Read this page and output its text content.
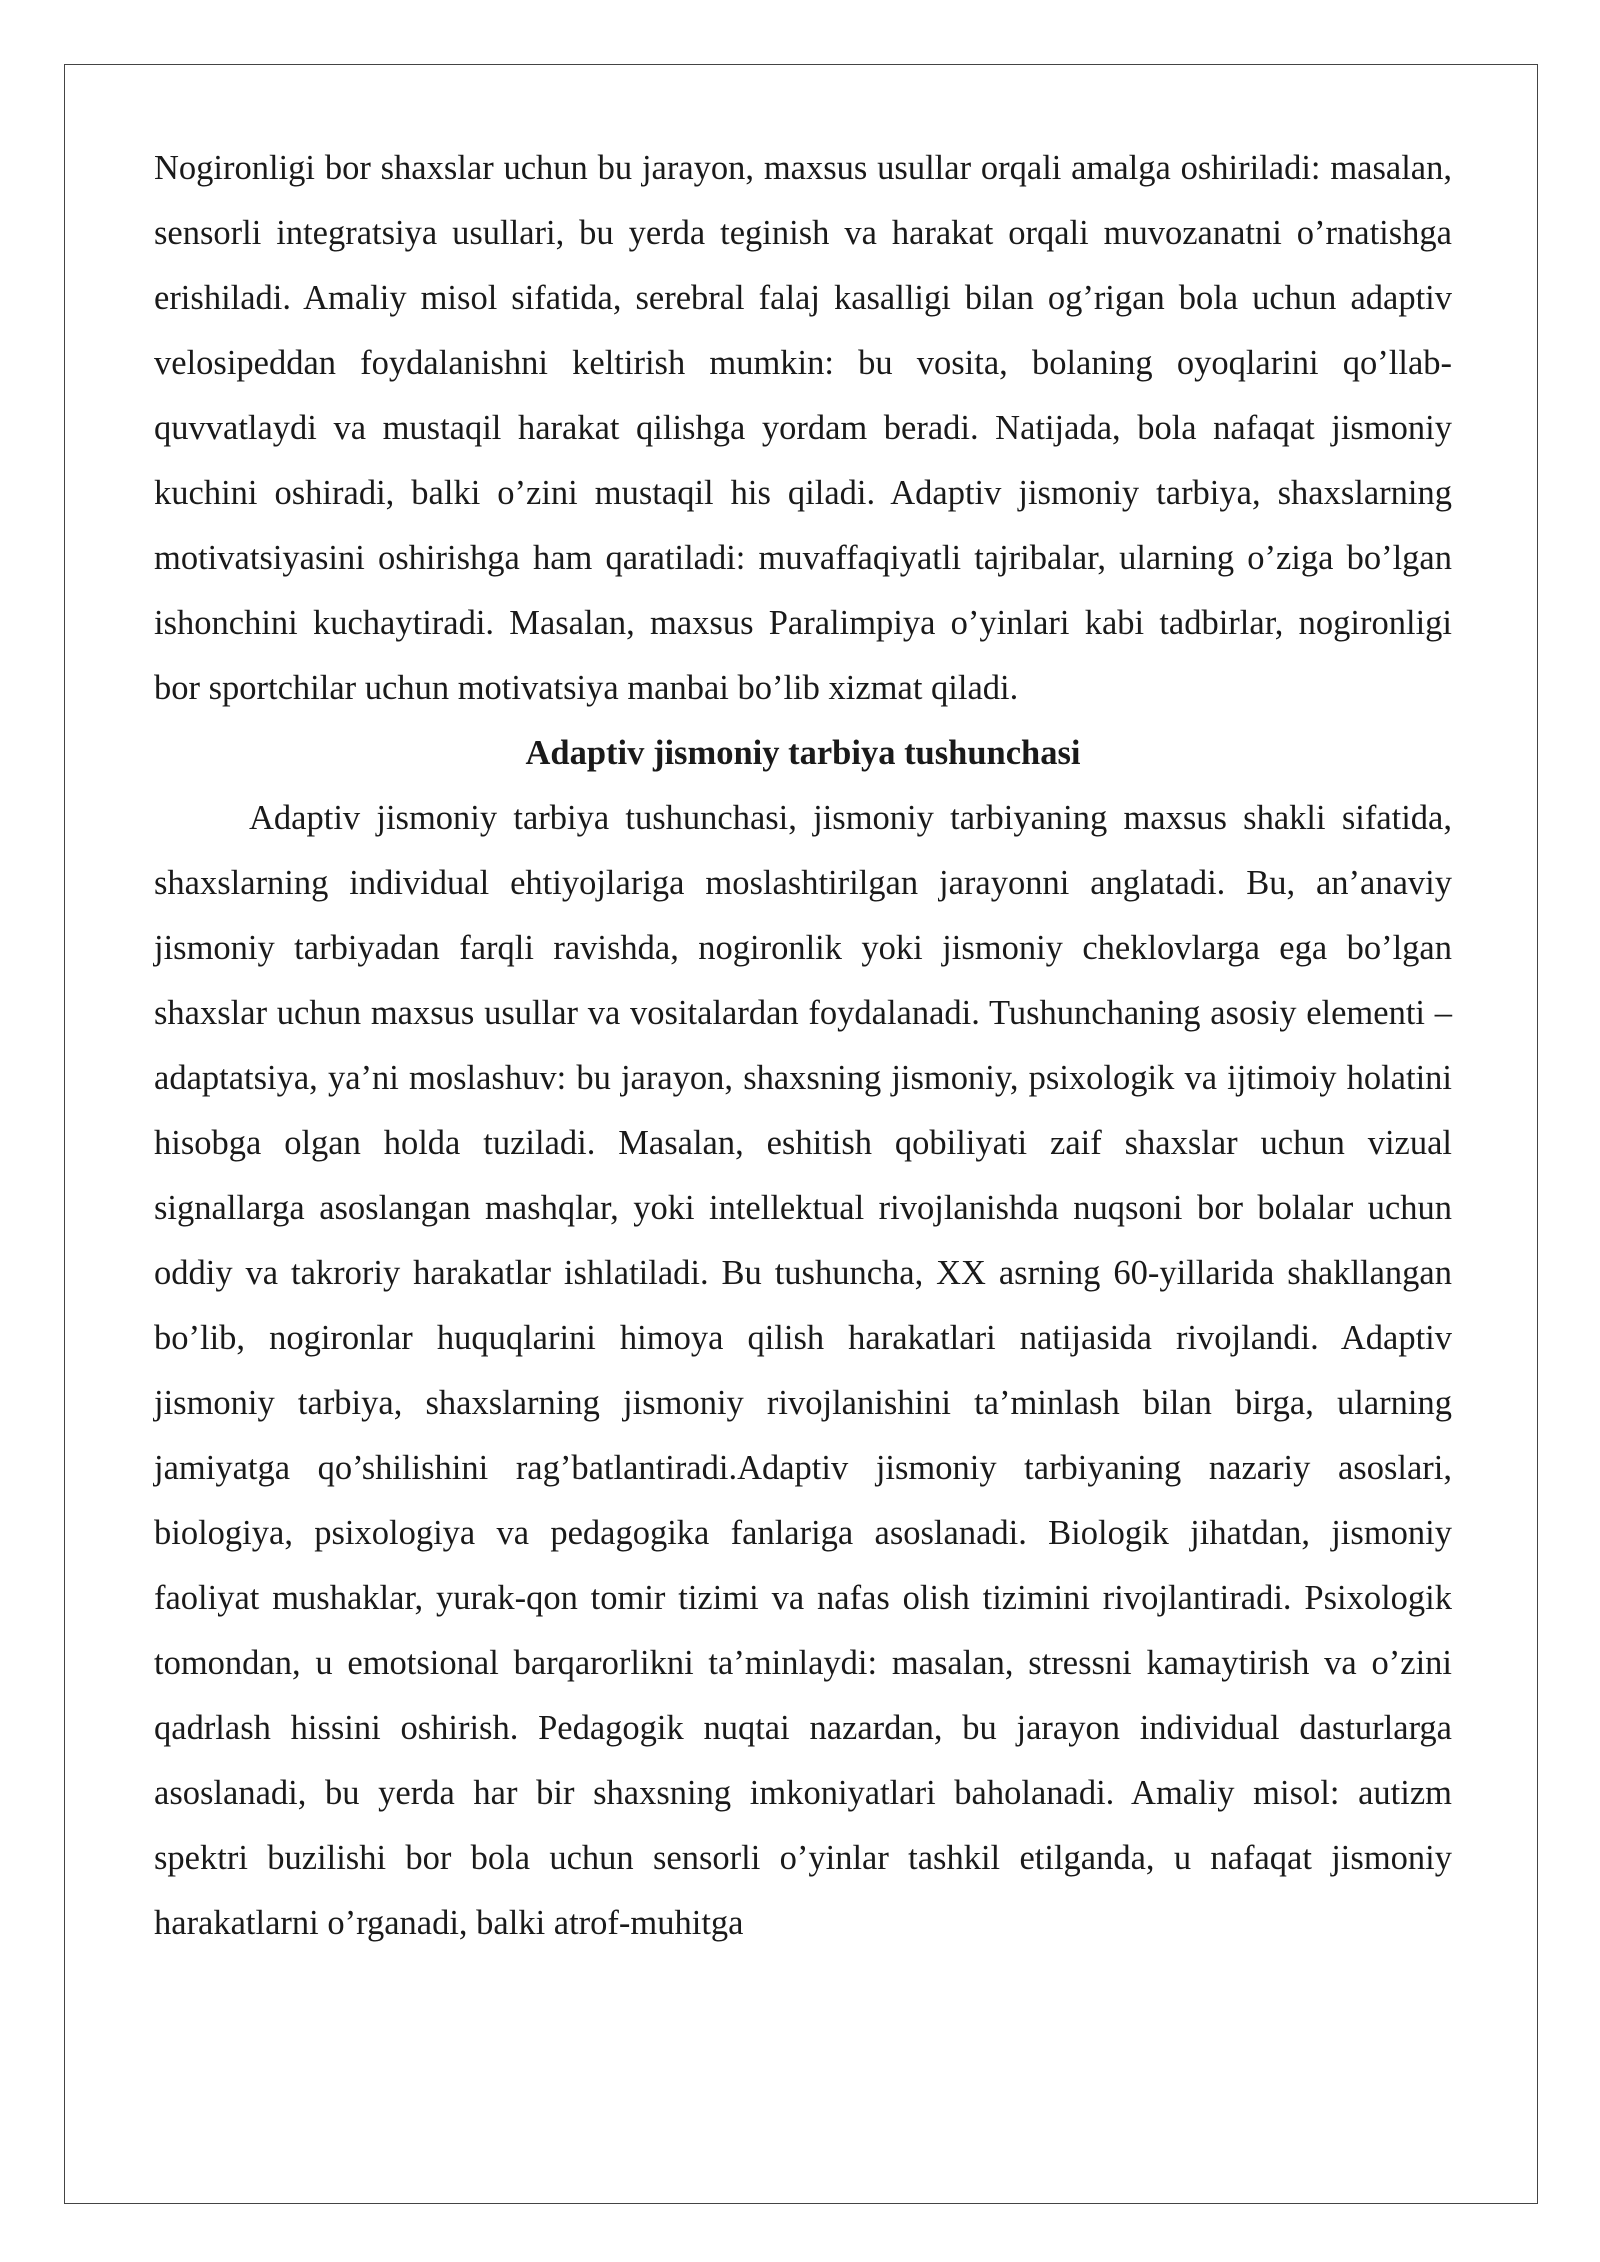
Nogironligi bor shaxslar uchun bu jarayon, maxsus usullar orqali amalga oshiriladi: masalan, sensorli integratsiya usullari, bu yerda teginish va harakat orqali muvozanatni o’rnatishga erishiladi. Amaliy misol sifatida, serebral falaj kasalligi bilan og’rigan bola uchun adaptiv velosipeddan foydalanishni keltirish mumkin: bu vosita, bolaning oyoqlarini qo’llab-quvvatlaydi va mustaqil harakat qilishga yordam beradi. Natijada, bola nafaqat jismoniy kuchini oshiradi, balki o’zini mustaqil his qiladi. Adaptiv jismoniy tarbiya, shaxslarning motivatsiyasini oshirishga ham qaratiladi: muvaffaqiyatli tajribalar, ularning o’ziga bo’lgan ishonchini kuchaytiradi. Masalan, maxsus Paralimpiya o’yinlari kabi tadbirlar, nogironligi bor sportchilar uchun motivatsiya manbai bo’lib xizmat qiladi.

Adaptiv jismoniy tarbiya tushunchasi

Adaptiv jismoniy tarbiya tushunchasi, jismoniy tarbiyaning maxsus shakli sifatida, shaxslarning individual ehtiyojlariga moslashtirilgan jarayonni anglatadi. Bu, an’anaviy jismoniy tarbiyadan farqli ravishda, nogironlik yoki jismoniy cheklovlarga ega bo’lgan shaxslar uchun maxsus usullar va vositalardan foydalanadi. Tushunchaning asosiy elementi – adaptatsiya, ya’ni moslashuv: bu jarayon, shaxsning jismoniy, psixologik va ijtimoiy holatini hisobga olgan holda tuziladi. Masalan, eshitish qobiliyati zaif shaxslar uchun vizual signallarga asoslangan mashqlar, yoki intellektual rivojlanishda nuqsoni bor bolalar uchun oddiy va takroriy harakatlar ishlatiladi. Bu tushuncha, XX asrning 60-yillarida shakllangan bo’lib, nogironlar huquqlarini himoya qilish harakatlari natijasida rivojlandi. Adaptiv jismoniy tarbiya, shaxslarning jismoniy rivojlanishini ta’minlash bilan birga, ularning jamiyatga qo’shilishini rag’batlantiradi.Adaptiv jismoniy tarbiyaning nazariy asoslari, biologiya, psixologiya va pedagogika fanlariga asoslanadi. Biologik jihatdan, jismoniy faoliyat mushaklar, yurak-qon tomir tizimi va nafas olish tizimini rivojlantiradi. Psixologik tomondan, u emotsional barqarorlikni ta’minlaydi: masalan, stressni kamaytirish va o’zini qadrlash hissini oshirish. Pedagogik nuqtai nazardan, bu jarayon individual dasturlarga asoslanadi, bu yerda har bir shaxsning imkoniyatlari baholanadi. Amaliy misol: autizm spektri buzilishi bor bola uchun sensorli o’yinlar tashkil etilganda, u nafaqat jismoniy harakatlarni o’rganadi, balki atrof-muhitga
